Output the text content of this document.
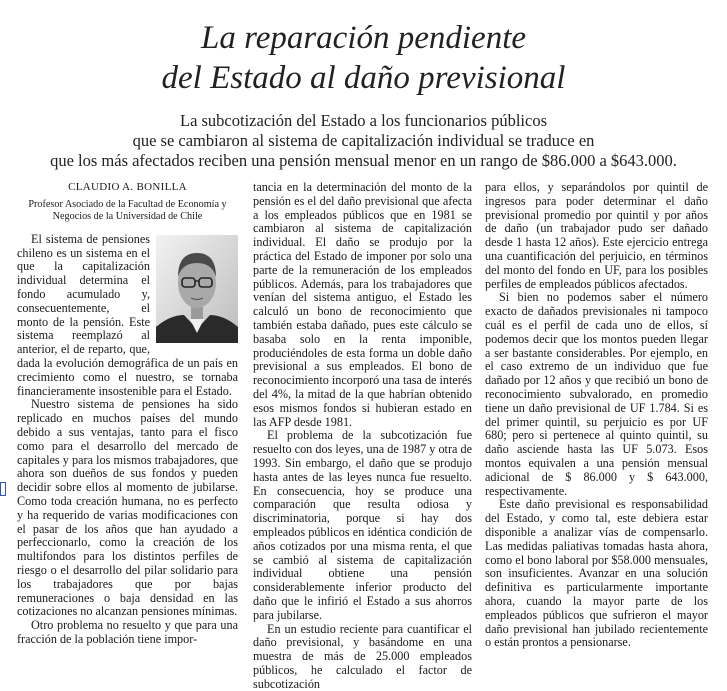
La reparación pendiente
del Estado al daño previsional
La subcotización del Estado a los funcionarios públicos
que se cambiaron al sistema de capitalización individual se traduce en
que los más afectados reciben una pensión mensual menor en un rango de $86.000 a $643.000.
CLAUDIO A. BONILLA
Profesor Asociado de la Facultad de Economía y Negocios de la Universidad de Chile

El sistema de pensiones chileno es un sistema en el que la capitalización individual determina el fondo acumulado y, consecuentemente, el monto de la pensión. Este sistema reemplazó al anterior, el de reparto, que, dada la evolución demográfica de un país en crecimiento como el nuestro, se tornaba financieramente insostenible para el Estado.

Nuestro sistema de pensiones ha sido replicado en muchos países del mundo debido a sus ventajas, tanto para el fisco como para el desarrollo del mercado de capitales y para los mismos trabajadores, que ahora son dueños de sus fondos y pueden decidir sobre ellos al momento de jubilarse. Como toda creación humana, no es perfecto y ha requerido de varias modificaciones con el pasar de los años que han ayudado a perfeccionarlo, como la creación de los multifondos para los distintos perfiles de riesgo o el desarrollo del pilar solidario para los trabajadores que por bajas remuneraciones o baja densidad en las cotizaciones no alcanzan pensiones mínimas.

Otro problema no resuelto y que para una fracción de la población tiene impor-

tancia en la determinación del monto de la pensión es el del daño previsional que afecta a los empleados públicos que en 1981 se cambiaron al sistema de capitalización individual. El daño se produjo por la práctica del Estado de imponer por solo una parte de la remuneración de los empleados públicos. Además, para los trabajadores que venían del sistema antiguo, el Estado les calculó un bono de reconocimiento que también estaba dañado, pues este cálculo se basaba solo en la renta imponible, produciéndoles de esta forma un doble daño previsional a sus empleados. El bono de reconocimiento incorporó una tasa de interés del 4%, la mitad de la que habrían obtenido esos mismos fondos si hubieran estado en las AFP desde 1981.

El problema de la subcotización fue resuelto con dos leyes, una de 1987 y otra de 1993. Sin embargo, el daño que se produjo hasta antes de las leyes nunca fue resuelto. En consecuencia, hoy se produce una comparación que resulta odiosa y discriminatoria, porque si hay dos empleados públicos en idéntica condición de años cotizados por una misma renta, el que se cambió al sistema de capitalización individual obtiene una pensión considerablemente inferior producto del daño que le infirió el Estado a sus ahorros para jubilarse.

En un estudio reciente para cuantificar el daño previsional, y basándome en una muestra de más de 25.000 empleados públicos, he calculado el factor de subcotización

para ellos, y separándolos por quintil de ingresos para poder determinar el daño previsional promedio por quintil y por años de daño (un trabajador pudo ser dañado desde 1 hasta 12 años). Este ejercicio entrega una cuantificación del perjuicio, en términos del monto del fondo en UF, para los posibles perfiles de empleados públicos afectados.

Si bien no podemos saber el número exacto de dañados previsionales ni tampoco cuál es el perfil de cada uno de ellos, sí podemos decir que los montos pueden llegar a ser bastante considerables. Por ejemplo, en el caso extremo de un individuo que fue dañado por 12 años y que recibió un bono de reconocimiento subvalorado, en promedio tiene un daño previsional de UF 1.784. Si es del primer quintil, su perjuicio es por UF 680; pero si pertenece al quinto quintil, su daño asciende hasta las UF 5.073. Esos montos equivalen a una pensión mensual adicional de $ 86.000 y $ 643.000, respectivamente.

Este daño previsional es responsabilidad del Estado, y como tal, este debiera estar disponible a analizar vías de compensarlo. Las medidas paliativas tomadas hasta ahora, como el bono laboral por $58.000 mensuales, son insuficientes. Avanzar en una solución definitiva es particularmente importante ahora, cuando la mayor parte de los empleados públicos que sufrieron el mayor daño previsional han jubilado recientemente o están prontos a pensionarse.
